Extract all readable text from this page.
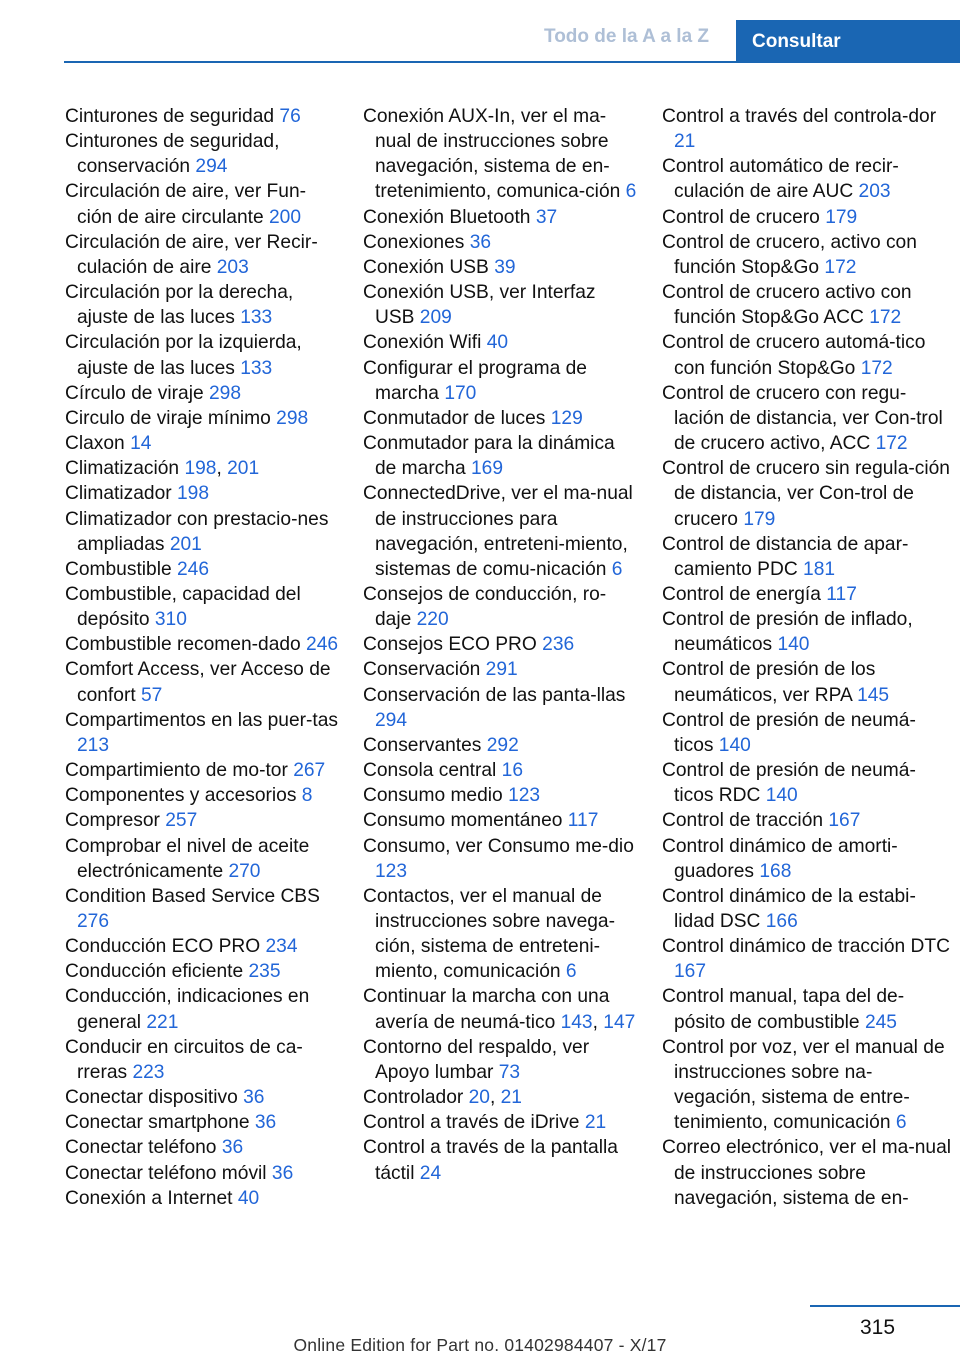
Todo de la A a la Z	Consultar

Cinturones de seguridad 76

Cinturones de seguridad, conservación 294

Circulación de aire, ver Fun-ción de aire circulante 200

Circulación de aire, ver Recir-culación de aire 203

Circulación por la derecha, ajuste de las luces 133

Circulación por la izquierda, ajuste de las luces 133

Círculo de viraje 298

Circulo de viraje mínimo 298

Claxon 14

Climatización 198, 201

Climatizador 198

Climatizador con prestacio-nes ampliadas 201

Combustible 246

Combustible, capacidad del depósito 310

Combustible recomen-dado 246

Comfort Access, ver Acceso de confort 57

Compartimentos en las puer-tas 213

Compartimiento de mo-tor 267

Componentes y accesorios 8

Compresor 257

Comprobar el nivel de aceite electrónicamente 270

Condition Based Service CBS 276

Conducción ECO PRO 234

Conducción eficiente 235

Conducción, indicaciones en general 221

Conducir en circuitos de ca-rreras 223

Conectar dispositivo 36

Conectar smartphone 36

Conectar teléfono 36

Conectar teléfono móvil 36

Conexión a Internet 40

Conexión AUX-In, ver el ma-nual de instrucciones sobre navegación, sistema de en-tretenimiento, comunica-ción 6

Conexión Bluetooth 37

Conexiones 36

Conexión USB 39

Conexión USB, ver Interfaz USB 209

Conexión Wifi 40

Configurar el programa de marcha 170

Conmutador de luces 129

Conmutador para la dinámica de marcha 169

ConnectedDrive, ver el ma-nual de instrucciones para navegación, entreteni-miento, sistemas de comu-nicación 6

Consejos de conducción, ro-daje 220

Consejos ECO PRO 236

Conservación 291

Conservación de las panta-llas 294

Conservantes 292

Consola central 16

Consumo medio 123

Consumo momentáneo 117

Consumo, ver Consumo me-dio 123

Contactos, ver el manual de instrucciones sobre navega-ción, sistema de entreteni-miento, comunicación 6

Continuar la marcha con una avería de neumá-tico 143, 147

Contorno del respaldo, ver Apoyo lumbar 73

Controlador 20, 21

Control a través de iDrive 21

Control a través de la pantalla táctil 24

Control a través del controla-dor 21

Control automático de recir-culación de aire AUC 203

Control de crucero 179

Control de crucero, activo con función Stop&Go 172

Control de crucero activo con función Stop&Go ACC 172

Control de crucero automá-tico con función Stop&Go 172

Control de crucero con regu-lación de distancia, ver Con-trol de crucero activo, ACC 172

Control de crucero sin regula-ción de distancia, ver Con-trol de crucero 179

Control de distancia de apar-camiento PDC 181

Control de energía 117

Control de presión de inflado, neumáticos 140

Control de presión de los neumáticos, ver RPA 145

Control de presión de neumá-ticos 140

Control de presión de neumá-ticos RDC 140

Control de tracción 167

Control dinámico de amorti-guadores 168

Control dinámico de la estabi-lidad DSC 166

Control dinámico de tracción DTC 167

Control manual, tapa del de-pósito de combustible 245

Control por voz, ver el manual de instrucciones sobre na-vegación, sistema de entre-tenimiento, comunicación 6

Correo electrónico, ver el ma-nual de instrucciones sobre navegación, sistema de en-

315
Online Edition for Part no. 01402984407 - X/17
